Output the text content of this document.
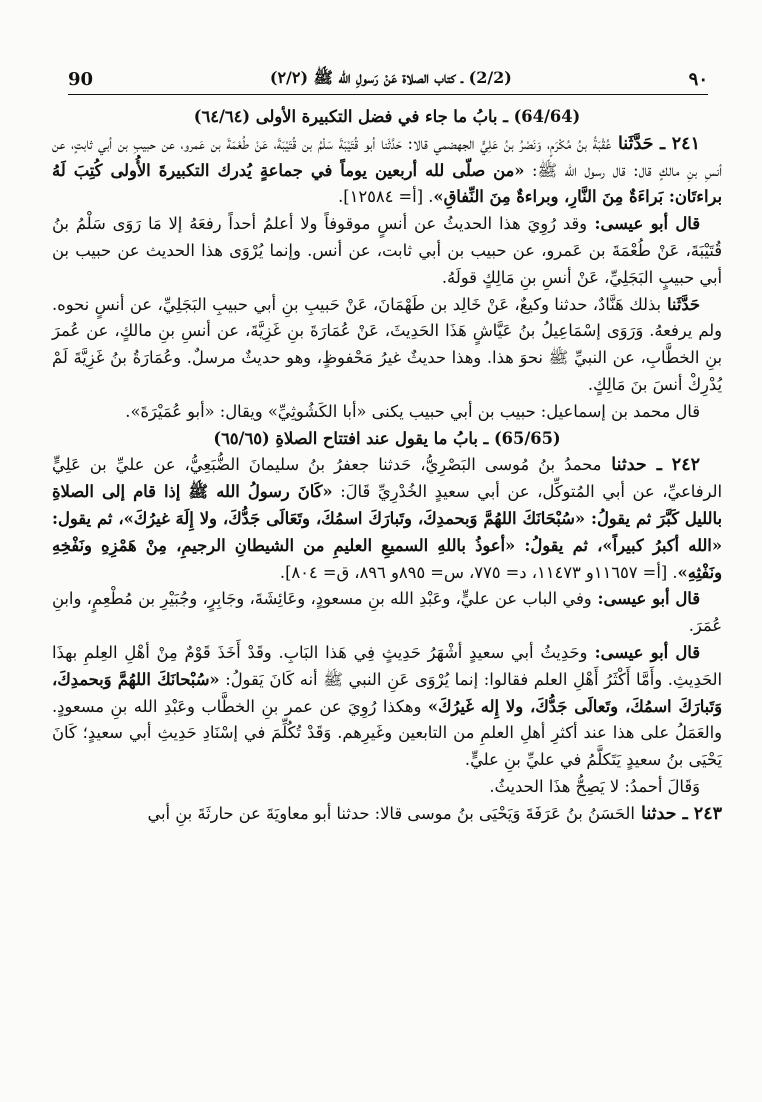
٩٠
(2/2) ـ كتاب الصلاة عَنْ رَسولِ الله ﷺ (٢/٢)
90

(64/64) ـ بابُ ما جاء في فضل التكبيرة الأولى (٦٤/٦٤)

٢٤١ ـ حَدَّثَنا عُقْبَةُ بنُ مُكْرَمٍ، وَنَصْرُ بنُ عَلِيٍّ الجهضمي قالا: حَدَّثَنا أبو قُتَيْبَةَ سَلْمُ بن قُتَيْبَةَ، عَنْ طُعْمَةَ بن عَمرو، عن حبيبِ بن أبي ثابتٍ، عن أنسِ بنِ مالكٍ قال: قال رسول الله ﷺ: «من صلّى لله أربعين يوماً في جماعةٍ يُدرك التكبيرةَ الأُولى كُتِبَ لَهُ براءتَان: بَراءَةٌ مِنَ النَّارِ، وبراءةٌ مِنَ النِّفاقِ». [أ= ١٢٥٨٤].

قال أبو عيسى: وقد رُوِيَ هذا الحديثُ عن أنسٍ موقوفاً ولا أعلمُ أحداً رفعَهُ إلا مَا رَوَى سَلْمُ بنُ قُتَيْبَةَ، عَنْ طُعْمَةَ بن عَمرو، عن حبيب بن أبي ثابت، عن أنس. وإنما يُرْوَى هذا الحديث عن حبيب بن أبي حبيبٍ البَجَلِيِّ، عَنْ أنسِ بنِ مَالِكٍ قولَهُ.

حَدَّثَنا بذلك هَنَّادٌ، حدثنا وكيعٌ، عَنْ خَالِد بن طَهْمَانَ، عَنْ حَبيبِ بنِ أبي حبيبِ البَجَلِيِّ، عن أنسٍ نحوه. ولم يرفعهُ. وَرَوَى إسْمَاعِيلُ بنُ عَيَّاشٍ هَذَا الحَدِيثَ، عَنْ عُمَارَةَ بنِ غَزِيَّةَ، عن أنسِ بنِ مالكٍ، عن عُمرَ بنِ الخطَّابِ، عن النبيِّ ﷺ نحوَ هذا. وهذا حديثٌ غيرُ مَحْفوظٍ، وهو حديثٌ مرسلٌ. وعُمَارَةُ بنُ غَزِيَّةَ لَمْ يُدْرِكْ أنسَ بنَ مَالِكٍ.

قال محمد بن إسماعيل: حبيب بن أبي حبيب يكنى «أبا الكَشُوثِيِّ» ويقال: «أبو عُمَيْرَةَ».

(65/65) ـ بابُ ما يقول عند افتتاح الصلاةِ (٦٥/٦٥)

٢٤٢ ـ حدثنا محمدُ بنُ مُوسى البَصْرِيُّ، حَدثنا جعفرُ بنُ سليمانَ الضُّبَعِيُّ، عن عليِّ بن عَلِيٍّ الرفاعيِّ، عن أبي المُتوكِّل، عن أبي سعيدٍ الخُدْرِيِّ قَالَ: «كَانَ رسولُ الله ﷺ إذا قام إلى الصلاةِ بالليل كَبَّرَ ثم يقولُ: «سُبْحَانَكَ اللهُمَّ وَبحمدِكَ، وتَبارَكَ اسمُكَ، وتَعَالَى جَدُّكَ، ولا إِلَهَ غيرُكَ»، ثم يقول: «الله أكبرُ كبيراً»، ثم يقولُ: «أعوذُ باللهِ السميعِ العليمِ من الشيطانِ الرجيمِ، مِنْ هَمْزِهِ ونَفْخِهِ ونَفْثِهِ». [أ= ١١٦٥٧و ١١٤٧٣، د= ٧٧٥، س= ٨٩٥و ٨٩٦، ق= ٨٠٤].

قال أبو عيسى: وفي الباب عن عليٍّ، وعَبْدِ الله بنِ مسعودٍ، وعَائِشَةَ، وجَابِرٍ، وجُبَيْرِ بن مُطْعِمٍ، وابنِ عُمَرَ.

قال أبو عيسى: وحَدِيثُ أبي سعيدٍ أشْهَرُ حَدِيثٍ فِي هَذا البَابِ. وقَدْ أَخَذَ قَوْمٌ مِنْ أهْلِ العِلمِ بهذَا الحَدِيثِ. وأَمَّا أَكْثَرُ أَهْلِ العلم فقالوا: إنما يُرْوَى عَنِ النبي ﷺ أنه كَانَ يَقولُ: «سُبْحانَكَ اللهُمَّ وَبحمدِكَ، وَتَبارَكَ اسمُكَ، وتَعالَى جَدُّكَ، ولا إِله غَيرُكَ» وهكذا رُوِيَ عن عمر بنِ الخطَّاب وعَبْدِ الله بنِ مسعودٍ. والعَمَلُ على هذا عند أكثرِ أهلِ العلمِ من التابعين وغَيرِهم. وَقَدْ تُكُلِّمَ في إسْنَادِ حَدِيثِ أبي سعيدٍ؛ كَانَ يَحْيَى بنُ سعيدٍ يَتَكلَّمُ في عليِّ بنِ عليٍّ.

وَقَالَ أحمدُ: لا يَصِحُّ هذَا الحديثُ.

٢٤٣ ـ حدثنا الحَسَنُ بنُ عَرَفَةَ وَيَحْيَى بنُ موسى قالا: حدثنا أبو معاويَةَ عن حارثَةَ بنِ أبي
